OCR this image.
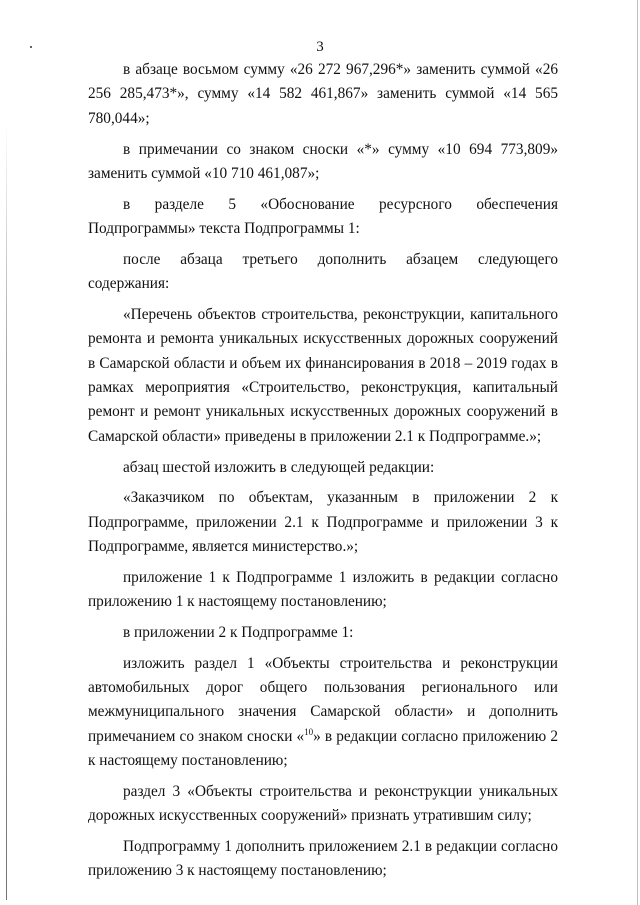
3

в абзаце восьмом сумму «26 272 967,296*» заменить суммой «26 256 285,473*», сумму «14 582 461,867» заменить суммой «14 565 780,044»;

в примечании со знаком сноски «*» сумму «10 694 773,809» заменить суммой «10 710 461,087»;

в разделе 5 «Обоснование ресурсного обеспечения Подпрограммы» текста Подпрограммы 1:

после абзаца третьего дополнить абзацем следующего содержания:

«Перечень объектов строительства, реконструкции, капитального ремонта и ремонта уникальных искусственных дорожных сооружений в Самарской области и объем их финансирования в 2018 – 2019 годах в рамках мероприятия «Строительство, реконструкция, капитальный ремонт и ремонт уникальных искусственных дорожных сооружений в Самарской области» приведены в приложении 2.1 к Подпрограмме.»;

абзац шестой изложить в следующей редакции:

«Заказчиком по объектам, указанным в приложении 2 к Подпрограмме, приложении 2.1 к Подпрограмме и приложении 3 к Подпрограмме, является министерство.»;

приложение 1 к Подпрограмме 1 изложить в редакции согласно приложению 1 к настоящему постановлению;

в приложении 2 к Подпрограмме 1:

изложить раздел 1 «Объекты строительства и реконструкции автомобильных дорог общего пользования регионального или межмуниципального значения Самарской области» и дополнить примечанием со знаком сноски «$^{10}$» в редакции согласно приложению 2 к настоящему постановлению;

раздел 3 «Объекты строительства и реконструкции уникальных дорожных искусственных сооружений» признать утратившим силу;

Подпрограмму 1 дополнить приложением 2.1 в редакции согласно приложению 3 к настоящему постановлению;
